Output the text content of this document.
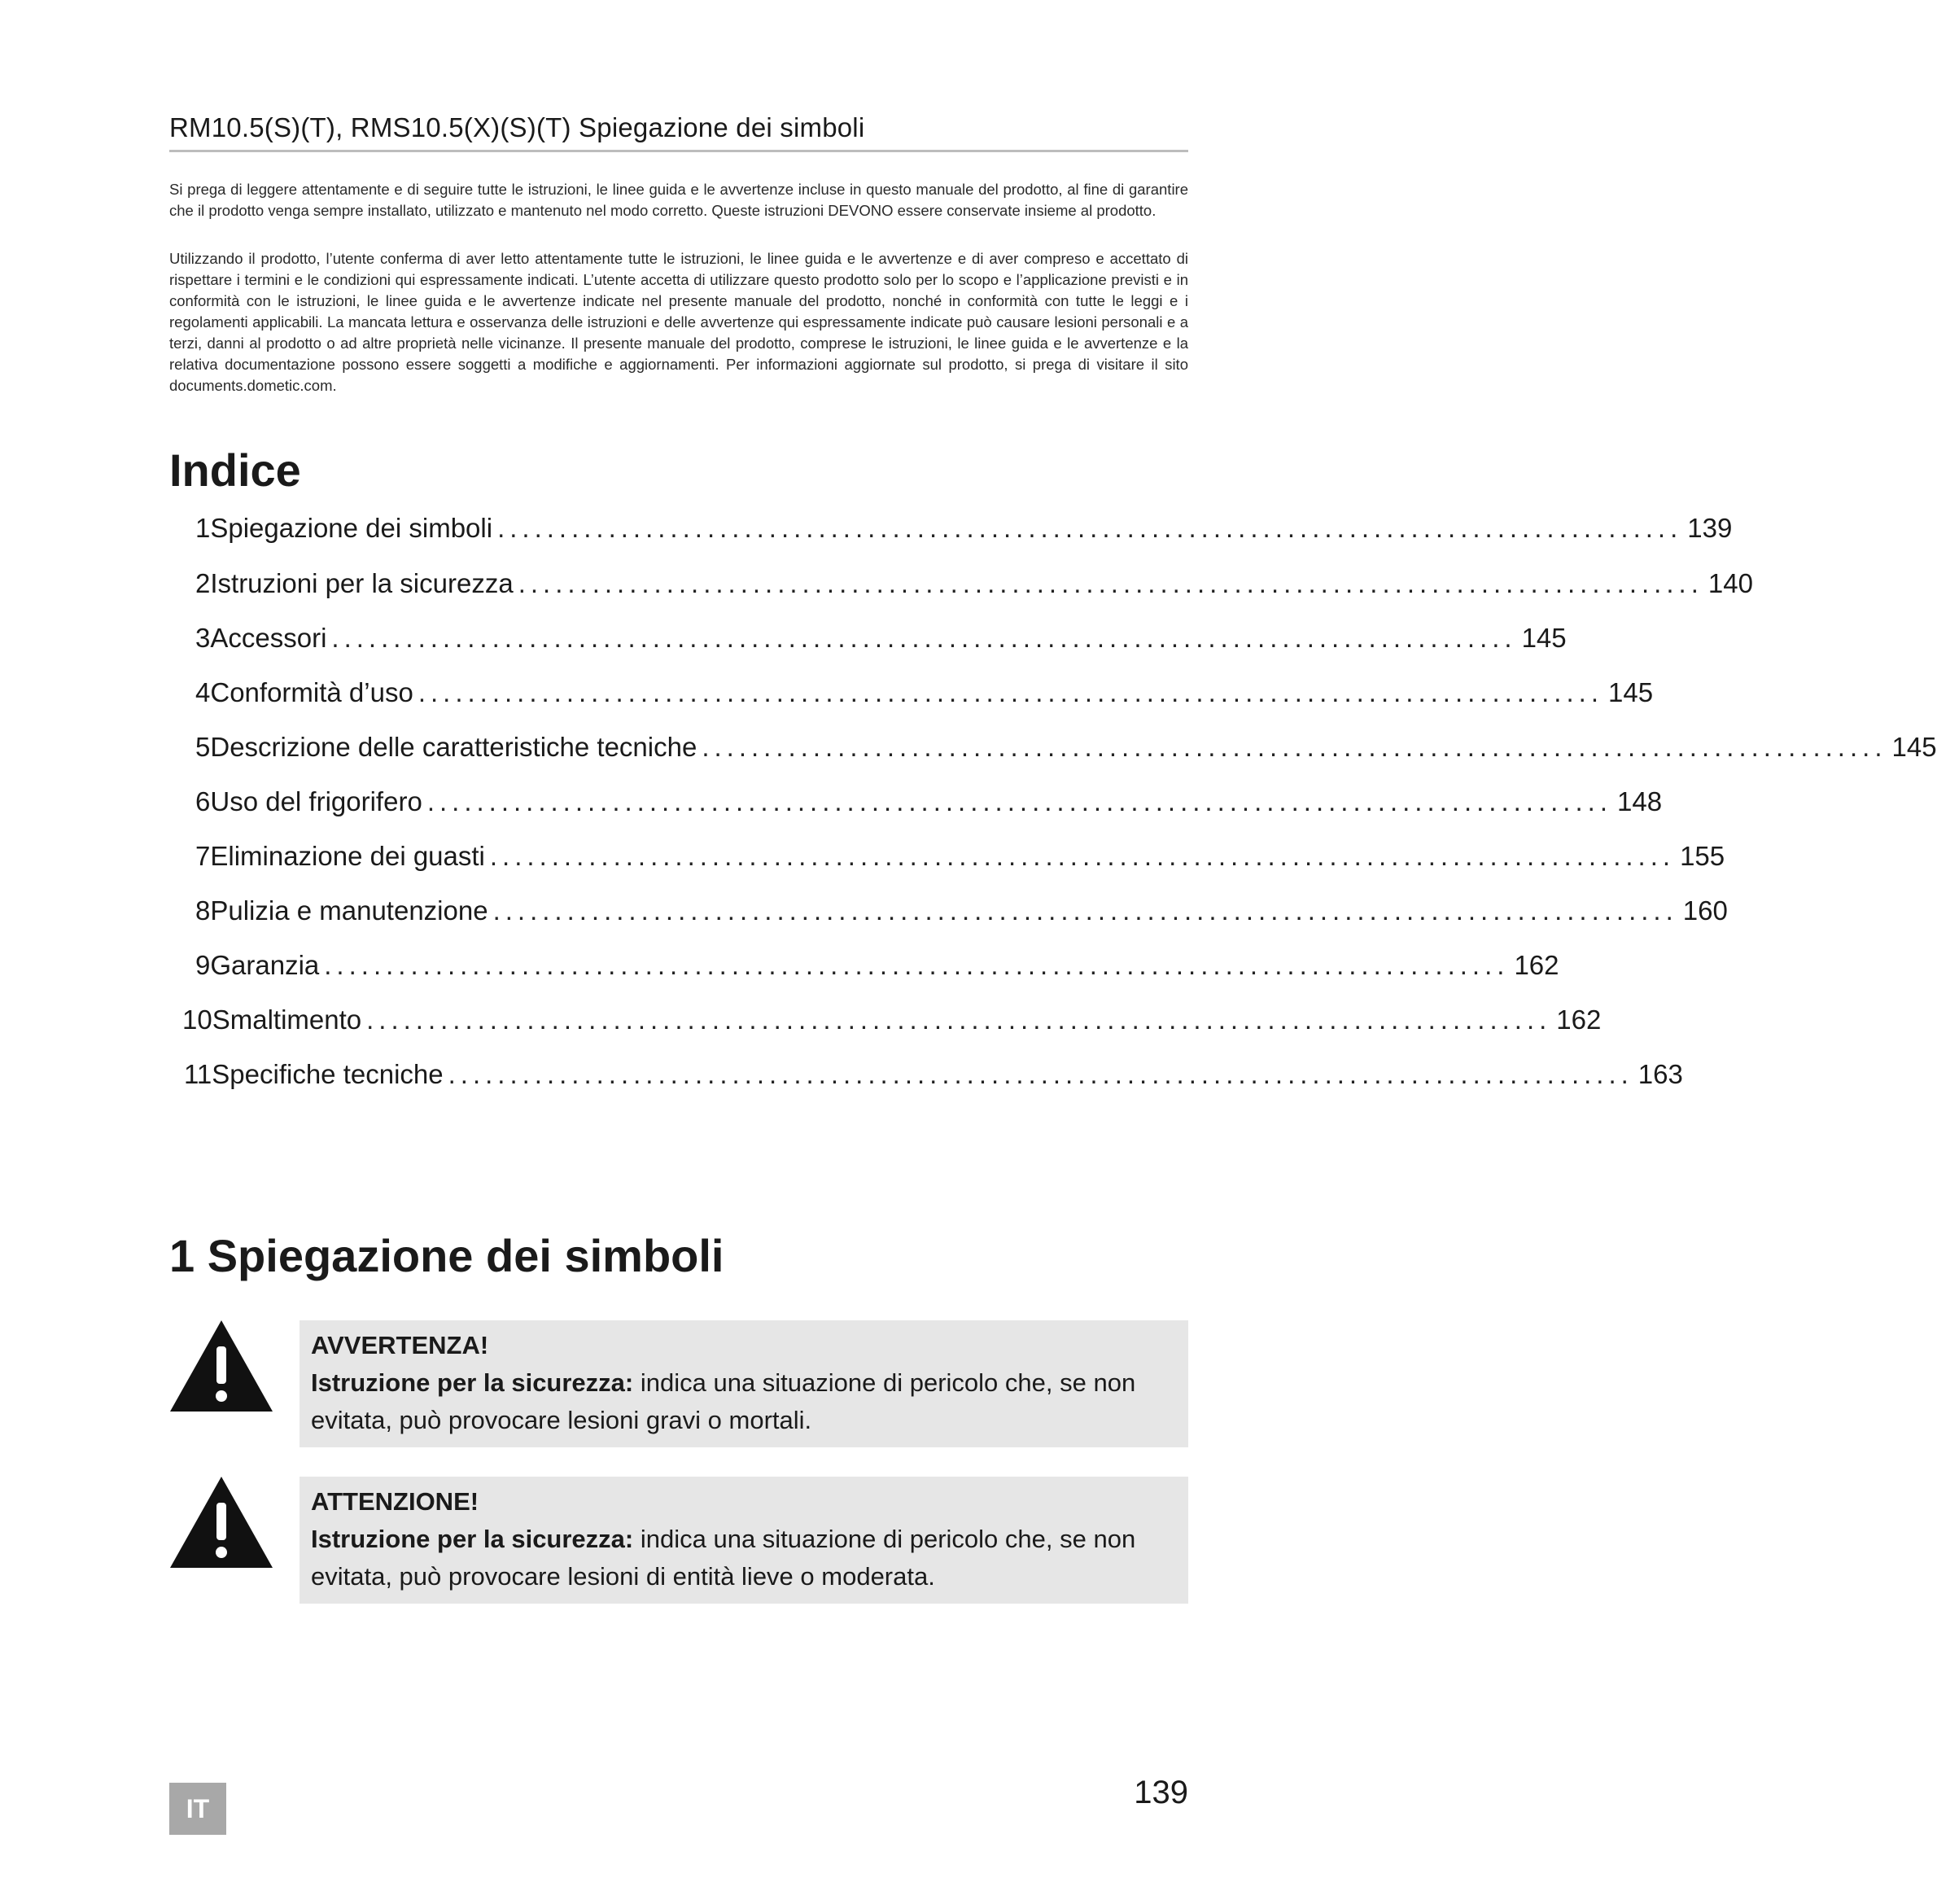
RM10.5(S)(T), RMS10.5(X)(S)(T) Spiegazione dei simboli

Si prega di leggere attentamente e di seguire tutte le istruzioni, le linee guida e le avvertenze incluse in questo manuale del prodotto, al fine di garantire che il prodotto venga sempre installato, utilizzato e mantenuto nel modo corretto. Queste istruzioni DEVONO essere conservate insieme al prodotto.

Utilizzando il prodotto, l’utente conferma di aver letto attentamente tutte le istruzioni, le linee guida e le avvertenze e di aver compreso e accettato di rispettare i termini e le condizioni qui espressamente indicati. L’utente accetta di utilizzare questo prodotto solo per lo scopo e l’applicazione previsti e in conformità con le istruzioni, le linee guida e le avvertenze indicate nel presente manuale del prodotto, nonché in conformità con tutte le leggi e i regolamenti applicabili. La mancata lettura e osservanza delle istruzioni e delle avvertenze qui espressamente indicate può causare lesioni personali e a terzi, danni al prodotto o ad altre proprietà nelle vicinanze. Il presente manuale del prodotto, comprese le istruzioni, le linee guida e le avvertenze e la relativa documentazione possono essere soggetti a modifiche e aggiornamenti. Per informazioni aggiornate sul prodotto, si prega di visitare il sito documents.dometic.com.

Indice
1 Spiegazione dei simboli ................................................................................................ 139
2 Istruzioni per la sicurezza ................................................................................................ 140
3 Accessori ................................................................................................ 145
4 Conformità d’uso ................................................................................................ 145
5 Descrizione delle caratteristiche tecniche ................................................................................................ 145
6 Uso del frigorifero ................................................................................................ 148
7 Eliminazione dei guasti ................................................................................................ 155
8 Pulizia e manutenzione ................................................................................................ 160
9 Garanzia ................................................................................................ 162
10 Smaltimento ................................................................................................ 162
11 Specifiche tecniche ................................................................................................ 163
1 Spiegazione dei simboli
AVVERTENZA!
Istruzione per la sicurezza: indica una situazione di pericolo che, se non evitata, può provocare lesioni gravi o mortali.
ATTENZIONE!
Istruzione per la sicurezza: indica una situazione di pericolo che, se non evitata, può provocare lesioni di entità lieve o moderata.
IT	139
